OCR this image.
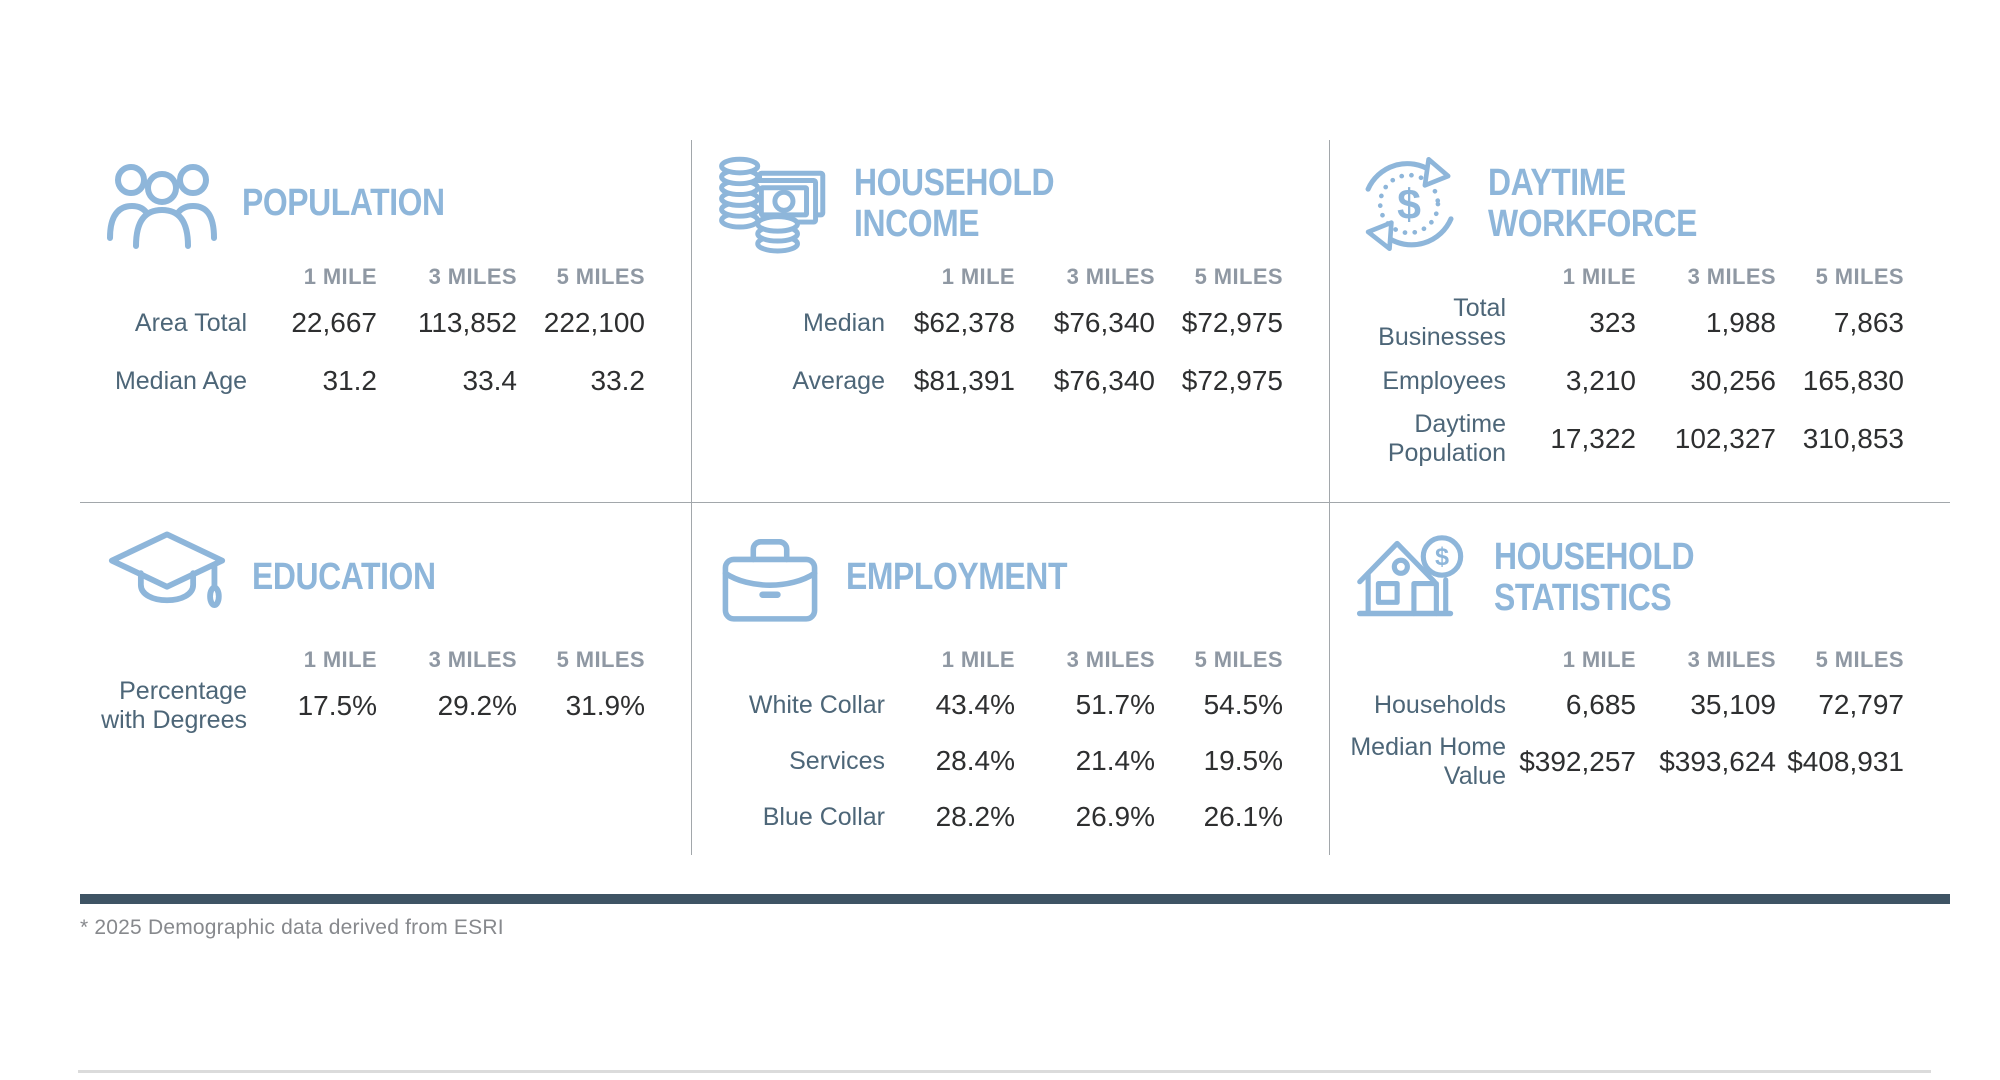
POPULATION
1 MILE	3 MILES	5 MILES
Area Total	22,667	113,852 222,100
Median Age	31.2	33.4	33.2
HOUSEHOLD
INCOME
1 MILE	3 MILES	5 MILES
Median	$62,378	$76,340 $72,975
Average	$81,391	$76,340 $72,975
$ DAYTIME
WORKFORCE
1 MILE	3 MILES	5 MILES
Total Businesses	323	1,988	7,863
Employees	3,210	30,256 165,830
Daytime Population	17,322	102,327 310,853
EDUCATION
1 MILE	3 MILES	5 MILES
Percentage with Degrees	17.5%	29.2%	31.9%
EMPLOYMENT
1 MILE	3 MILES	5 MILES
White Collar	43.4%	51.7%	54.5%
Services	28.4%	21.4%	19.5%
Blue Collar	28.2%	26.9%	26.1%
$ HOUSEHOLD
STATISTICS
1 MILE	3 MILES	5 MILES
Households	6,685	35,109	72,797
Median Home Value $392,257 $393,624 $408,931
* 2025 Demographic data derived from ESRI
